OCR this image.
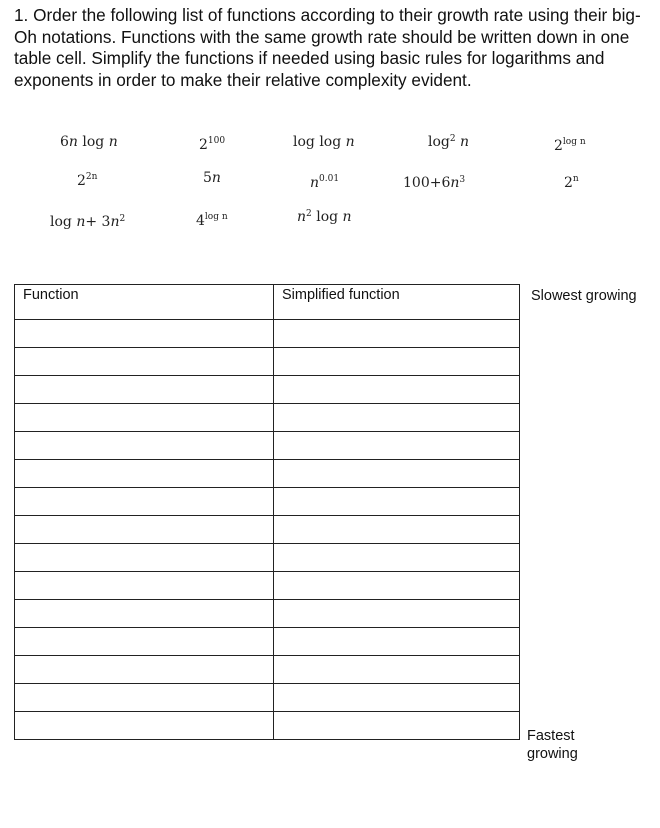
1. Order the following list of functions according to their growth rate using their big-Oh notations. Functions with the same growth rate should be written down in one table cell. Simplify the functions if needed using basic rules for logarithms and exponents in order to make their relative complexity evident.

6n log n	$2^{100}$	log log n	$\log^2 n$	$2^{log n}$
$2^{2n}$	5n	$n^{0.01}$	$100+6n^3$	2$^n$
$\log n+ 3n^2$	$4^{log n}$	$n^2$ log n
Function	Simplified function

		Slowest growing
Fastest
growing
